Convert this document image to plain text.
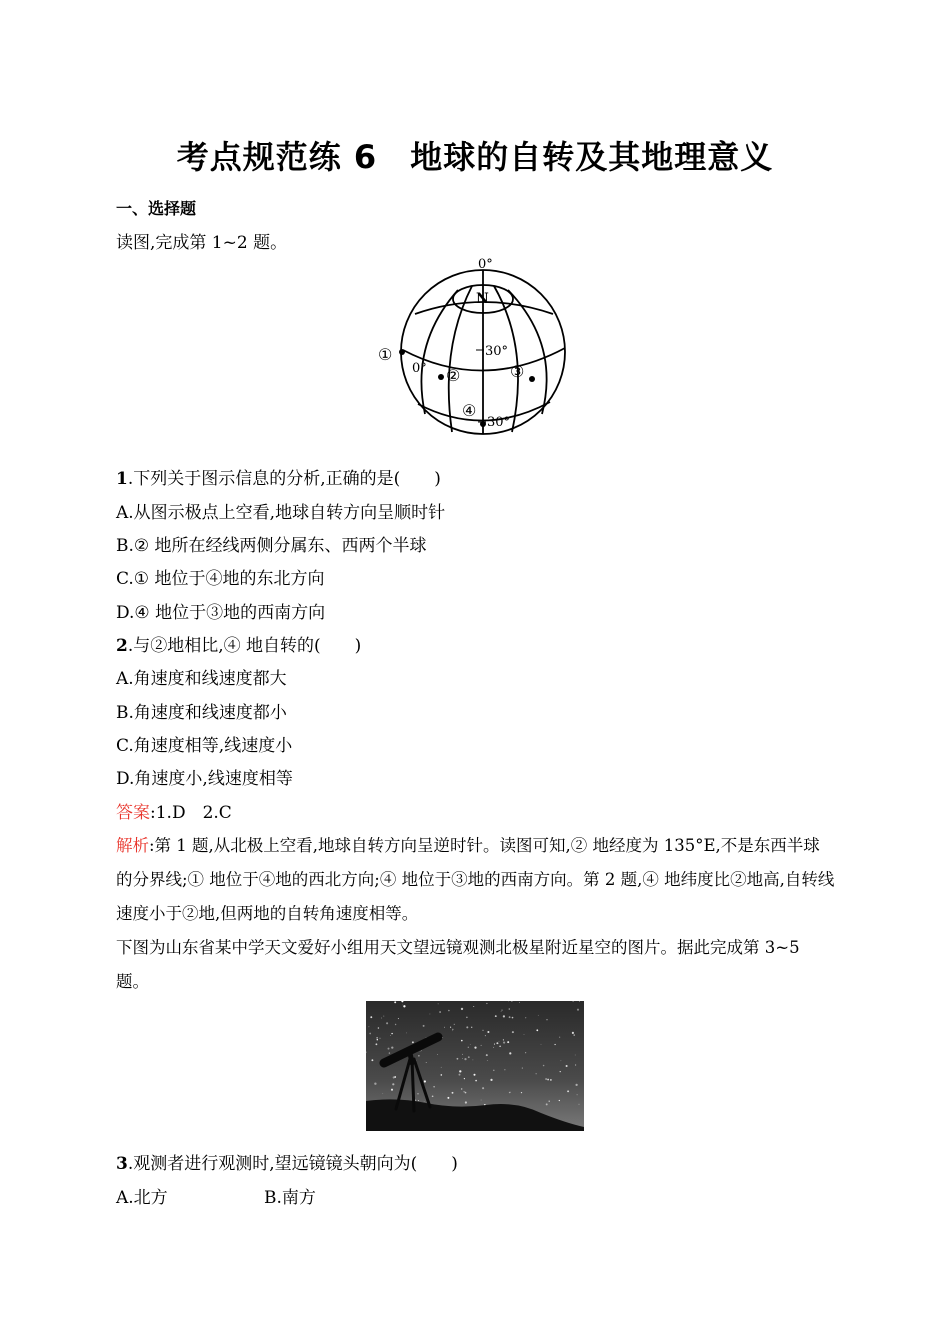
考点规范练 6　地球的自转及其地理意义
一、选择题
读图,完成第 1~2 题。
0°
N
①
0° ②	③
④
30°
30°
1.下列关于图示信息的分析,正确的是(　　)
A.从图示极点上空看,地球自转方向呈顺时针
B.② 地所在经线两侧分属东、西两个半球
C.① 地位于④地的东北方向
D.④ 地位于③地的西南方向
2.与②地相比,④ 地自转的(　　)
A.角速度和线速度都大
B.角速度和线速度都小
C.角速度相等,线速度小
D.角速度小,线速度相等
答案:1.D　2.C

解析:第 1 题,从北极上空看,地球自转方向呈逆时针。读图可知,② 地经度为 135°E,不是东西半球的分界线;① 地位于④地的西北方向;④ 地位于③地的西南方向。第 2 题,④ 地纬度比②地高,自转线速度小于②地,但两地的自转角速度相等。

下图为山东省某中学天文爱好小组用天文望远镜观测北极星附近星空的图片。据此完成第 3~5 题。

3.观测者进行观测时,望远镜镜头朝向为(　　)
A.北方	B.南方
